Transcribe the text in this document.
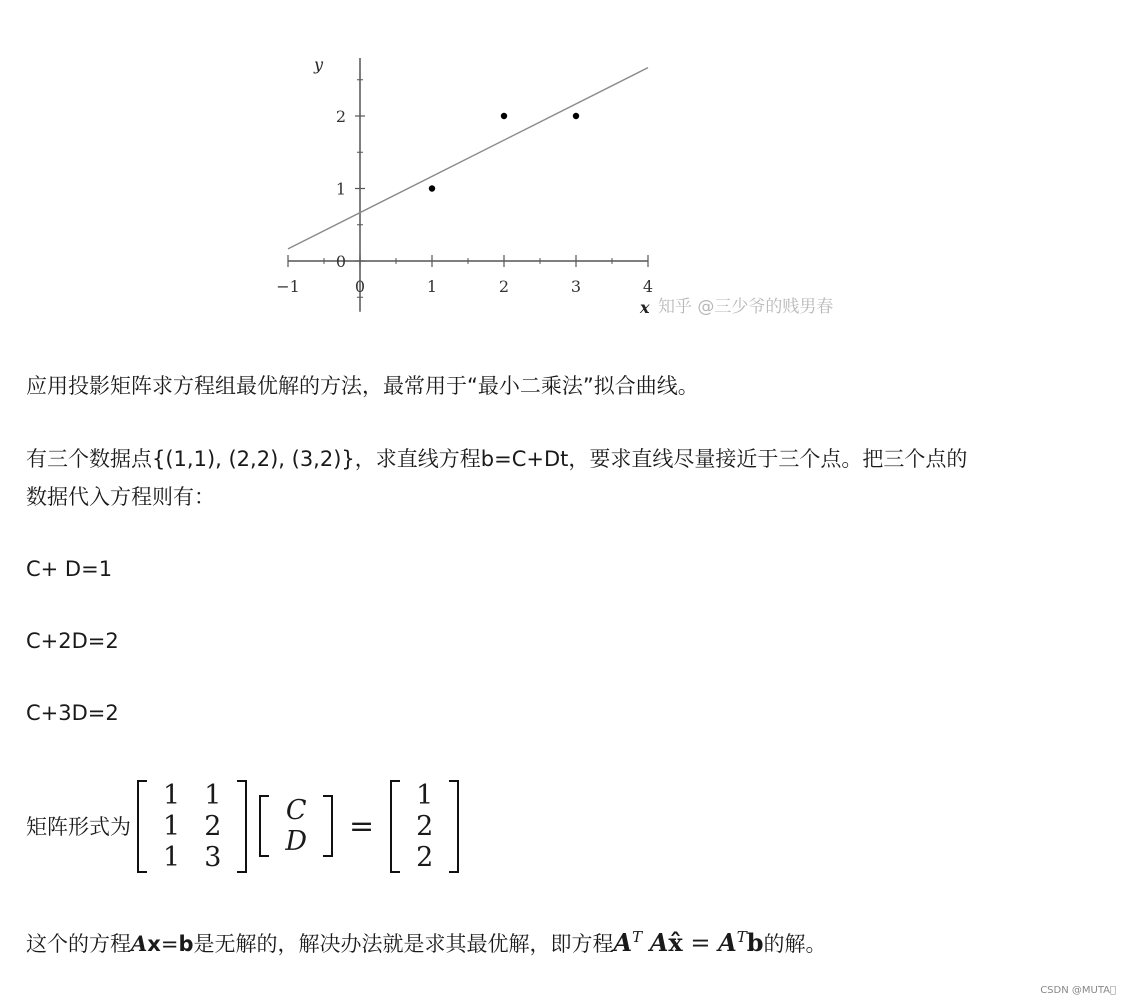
−1	0	1	2	3	4
0
1
2
y
x 知乎 @三少爷的贱男春

应用投影矩阵求方程组最优解的方法，最常用于“最小二乘法”拟合曲线。

有三个数据点{(1,1), (2,2), (3,2)}，求直线方程b=C+Dt，要求直线尽量接近于三个点。把三个点的

数据代入方程则有：

C+ D=1

C+2D=2

C+3D=2

矩阵形式为
1	1
1	2
1	3
C
D =
1
2
2

这个的方程Ax=b是无解的，解决办法就是求其最优解，即方程$A^T$ Ax̂ = $A^Tb$的解。

CSDN @MUTA⃝
